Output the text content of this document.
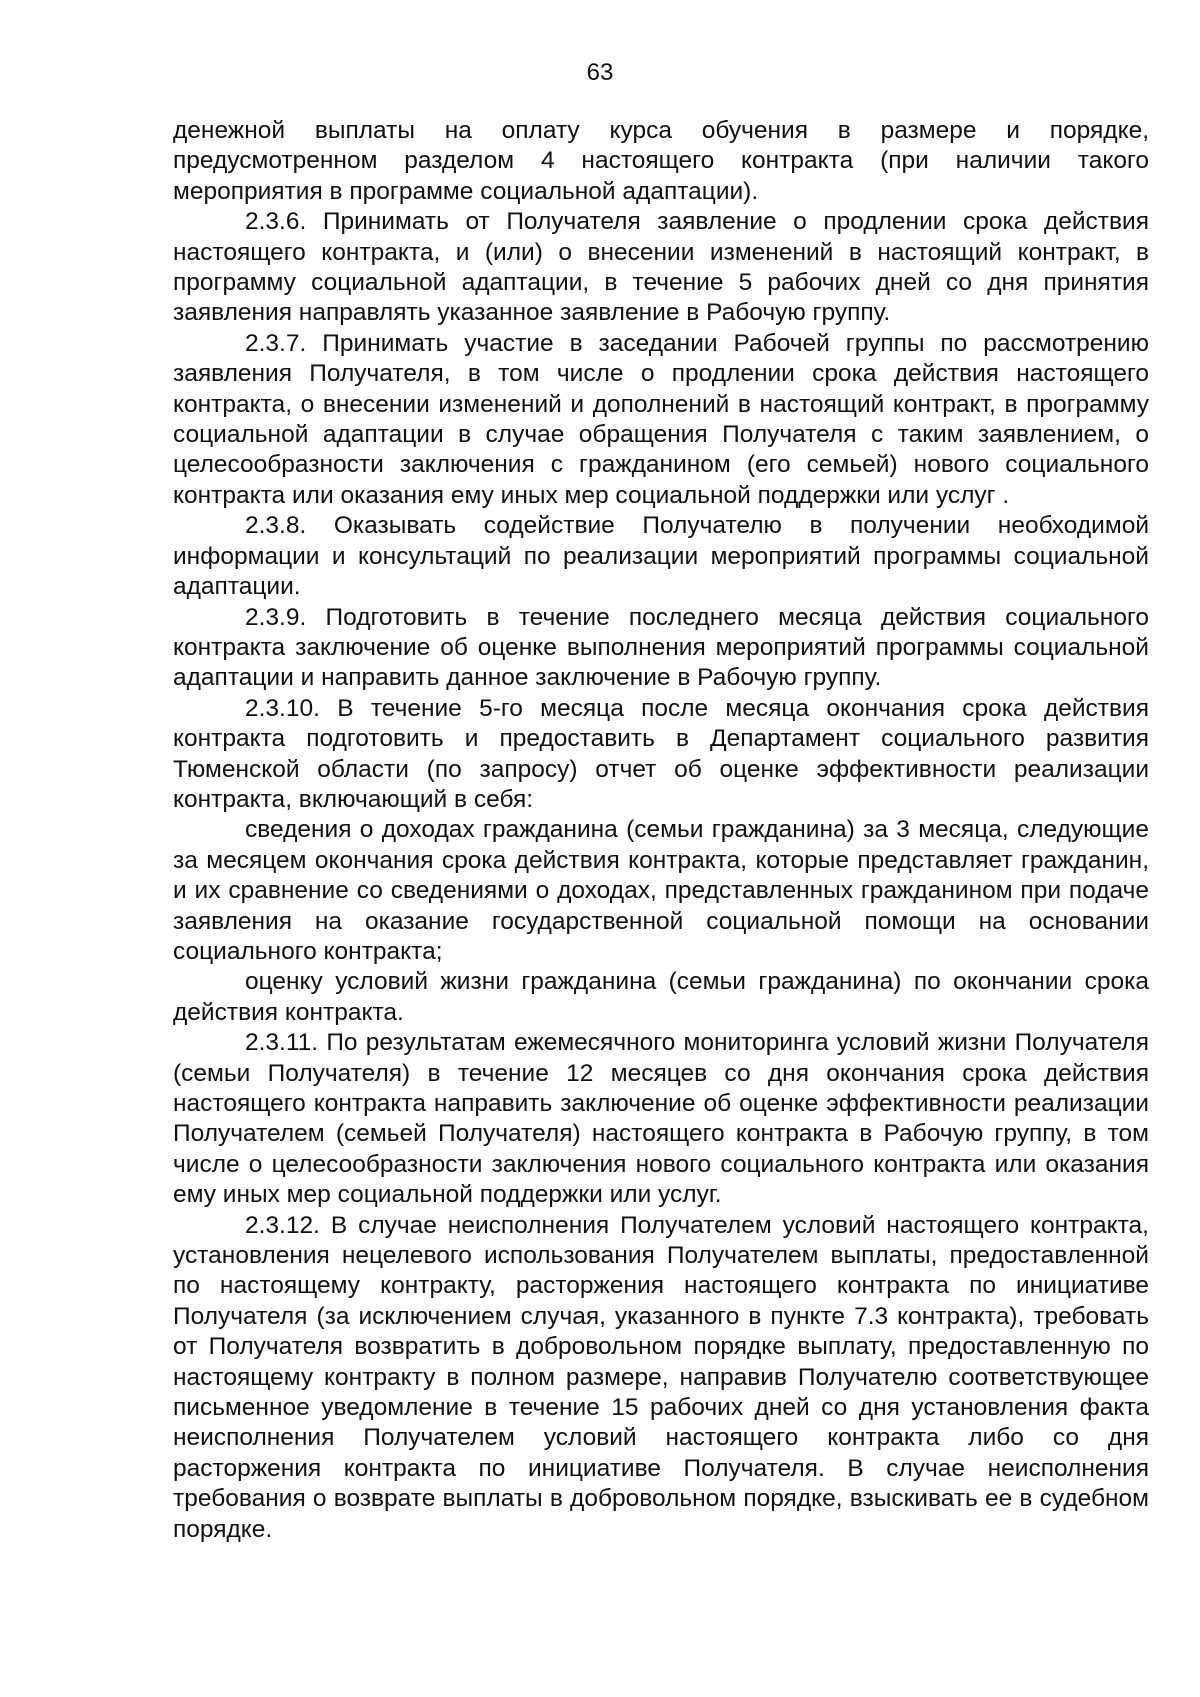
63

денежной выплаты на оплату курса обучения в размере и порядке, предусмотренном разделом 4 настоящего контракта (при наличии такого мероприятия в программе социальной адаптации).

2.3.6. Принимать от Получателя заявление о продлении срока действия настоящего контракта, и (или) о внесении изменений в настоящий контракт, в программу социальной адаптации, в течение 5 рабочих дней со дня принятия заявления направлять указанное заявление в Рабочую группу.

2.3.7. Принимать участие в заседании Рабочей группы по рассмотрению заявления Получателя, в том числе о продлении срока действия настоящего контракта, о внесении изменений и дополнений в настоящий контракт, в программу социальной адаптации в случае обращения Получателя с таким заявлением, о целесообразности заключения с гражданином (его семьей) нового социального контракта или оказания ему иных мер социальной поддержки или услуг .

2.3.8. Оказывать содействие Получателю в получении необходимой информации и консультаций по реализации мероприятий программы социальной адаптации.

2.3.9. Подготовить в течение последнего месяца действия социального контракта заключение об оценке выполнения мероприятий программы социальной адаптации и направить данное заключение в Рабочую группу.

2.3.10. В течение 5-го месяца после месяца окончания срока действия контракта подготовить и предоставить в Департамент социального развития Тюменской области (по запросу) отчет об оценке эффективности реализации контракта, включающий в себя:

сведения о доходах гражданина (семьи гражданина) за 3 месяца, следующие за месяцем окончания срока действия контракта, которые представляет гражданин, и их сравнение со сведениями о доходах, представленных гражданином при подаче заявления на оказание государственной социальной помощи на основании социального контракта;

оценку условий жизни гражданина (семьи гражданина) по окончании срока действия контракта.

2.3.11. По результатам ежемесячного мониторинга условий жизни Получателя (семьи Получателя) в течение 12 месяцев со дня окончания срока действия настоящего контракта направить заключение об оценке эффективности реализации Получателем (семьей Получателя) настоящего контракта в Рабочую группу, в том числе о целесообразности заключения нового социального контракта или оказания ему иных мер социальной поддержки или услуг.

2.3.12. В случае неисполнения Получателем условий настоящего контракта, установления нецелевого использования Получателем выплаты, предоставленной по настоящему контракту, расторжения настоящего контракта по инициативе Получателя (за исключением случая, указанного в пункте 7.3 контракта), требовать от Получателя возвратить в добровольном порядке выплату, предоставленную по настоящему контракту в полном размере, направив Получателю соответствующее письменное уведомление в течение 15 рабочих дней со дня установления факта неисполнения Получателем условий настоящего контракта либо со дня расторжения контракта по инициативе Получателя. В случае неисполнения требования о возврате выплаты в добровольном порядке, взыскивать ее в судебном порядке.
